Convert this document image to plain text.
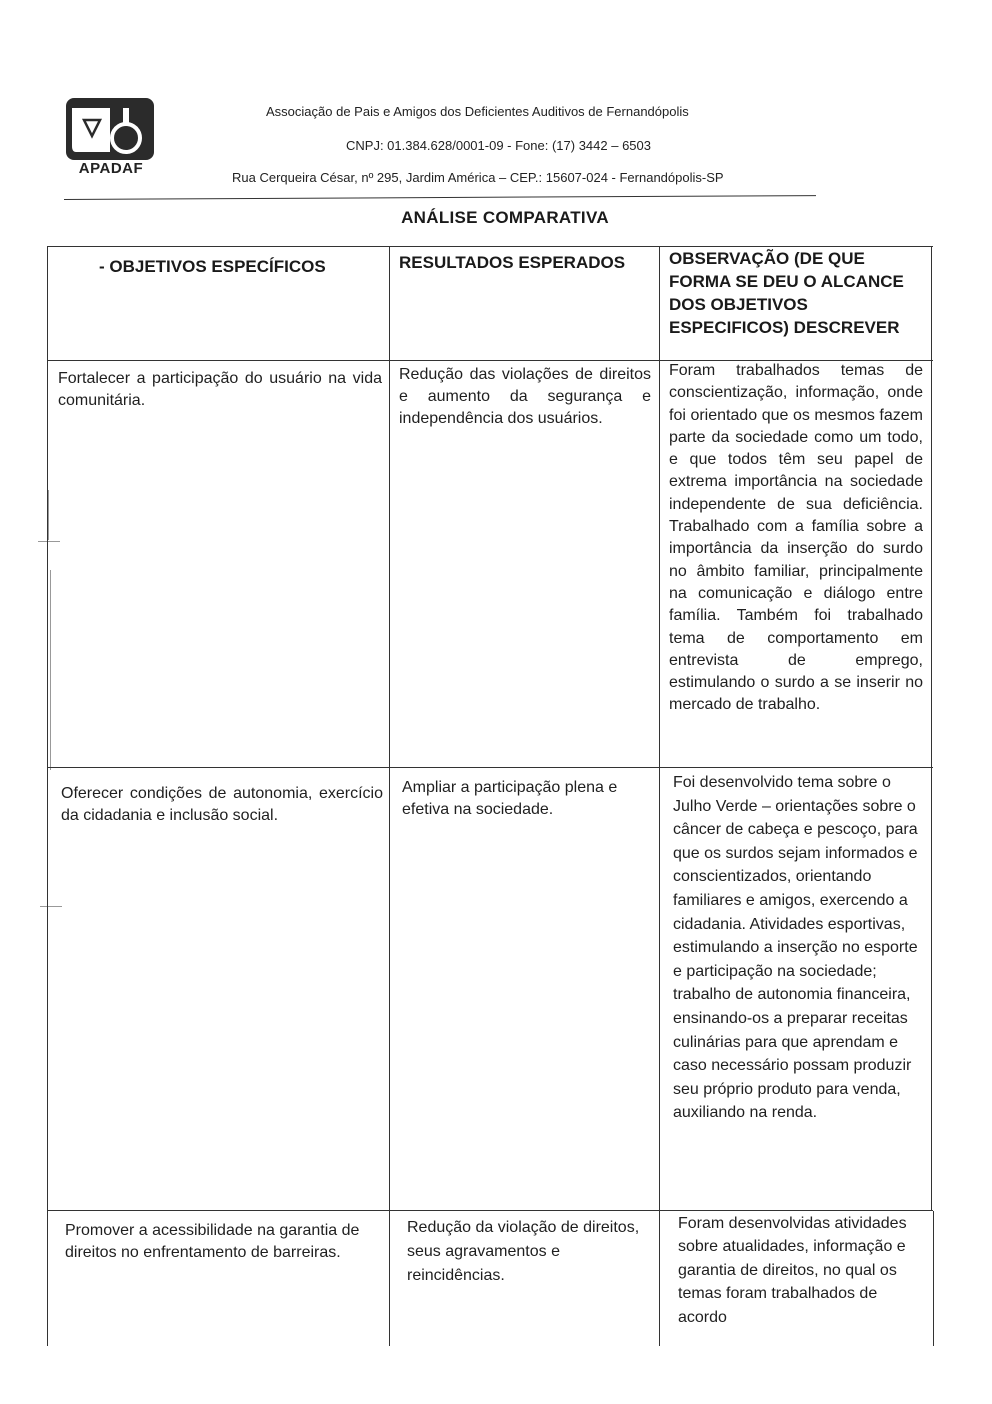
APADAF
Associação de Pais e Amigos dos Deficientes Auditivos de Fernandópolis
CNPJ: 01.384.628/0001-09 - Fone: (17) 3442 – 6503
Rua Cerqueira César, nº 295, Jardim América – CEP.: 15607-024 - Fernandópolis-SP
ANÁLISE COMPARATIVA
- OBJETIVOS ESPECÍFICOS	RESULTADOS ESPERADOS	OBSERVAÇÃO (DE QUE FORMA SE DEU O ALCANCE DOS OBJETIVOS ESPECIFICOS) DESCREVER
Fortalecer a participação do usuário na vida comunitária.
Redução das violações de direitos e aumento da segurança e independência dos usuários.
Foram trabalhados temas de conscientização, informação, onde foi orientado que os mesmos fazem parte da sociedade como um todo, e que todos têm seu papel de extrema importância na sociedade independente de sua deficiência. Trabalhado com a família sobre a importância da inserção do surdo no âmbito familiar, principalmente na comunicação e diálogo entre família. Também foi trabalhado tema de comportamento em entrevista de emprego, estimulando o surdo a se inserir no mercado de trabalho.
Oferecer condições de autonomia, exercício da cidadania e inclusão social.
Ampliar a participação plena e efetiva na sociedade.
Foi desenvolvido tema sobre o Julho Verde – orientações sobre o câncer de cabeça e pescoço, para que os surdos sejam informados e conscientizados, orientando familiares e amigos, exercendo a cidadania. Atividades esportivas, estimulando a inserção no esporte e participação na sociedade; trabalho de autonomia financeira, ensinando-os a preparar receitas culinárias para que aprendam e caso necessário possam produzir seu próprio produto para venda, auxiliando na renda.
Promover a acessibilidade na garantia de direitos no enfrentamento de barreiras.
Redução da violação de direitos, seus agravamentos e reincidências.
Foram desenvolvidas atividades sobre atualidades, informação e garantia de direitos, no qual os temas foram trabalhados de acordo
